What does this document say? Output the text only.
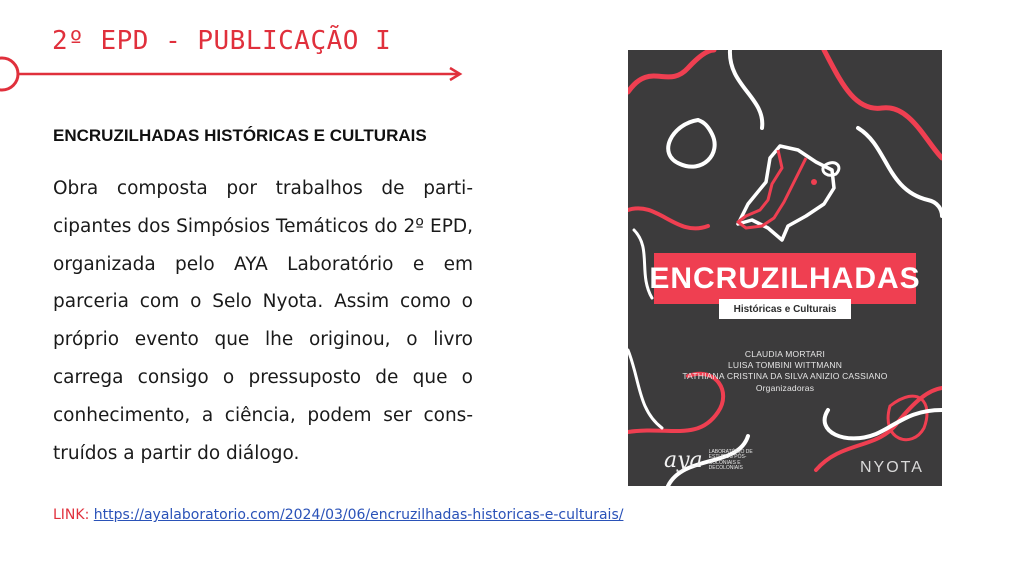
2º EPD - PUBLICAÇÃO I
ENCRUZILHADAS HISTÓRICAS E CULTURAIS
Obra composta por trabalhos de participantes dos Simpósios Temáticos do 2º EPD, organizada pelo AYA Laboratório e em parceria com o Selo Nyota. Assim como o próprio evento que lhe originou, o livro carrega consigo o pressuposto de que o conhecimento, a ciência, podem ser construídos a partir do diálogo.
ENCRUZILHADAS
Históricas e Culturais
CLAUDIA MORTARI
LUISA TOMBINI WITTMANN
TATHIANA CRISTINA DA SILVA ANIZIO CASSIANO
Organizadoras
aya LABORATÓRIO DE ESTUDOS PÓS-COLONIAIS E DECOLONIAIS	NYOTA
LINK: https://ayalaboratorio.com/2024/03/06/encruzilhadas-historicas-e-culturais/
